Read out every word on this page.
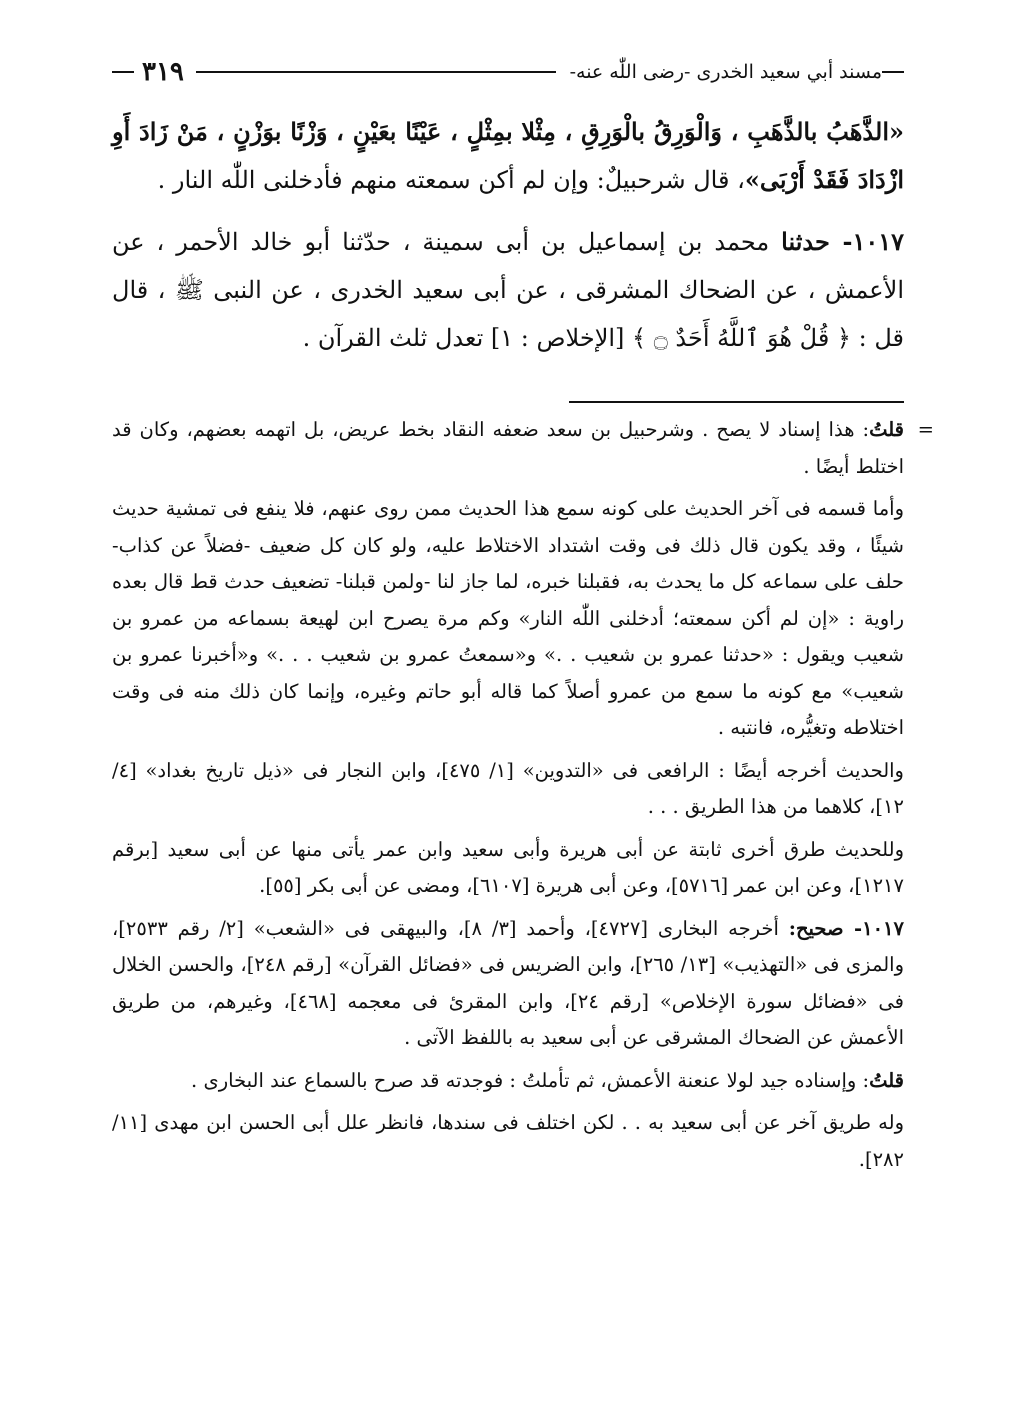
مسند أبي سعيد الخدرى -رضى اللّٰه عنه-
٣١٩

«الذَّهَبُ بالذَّهَبِ ، وَالْوَرِقُ بالْوَرِقِ ، مِثْلا بمِثْلٍ ، عَيْنًا بعَيْنٍ ، وَزْنًا بوَزْنٍ ، مَنْ زَادَ أَوِ ازْدَادَ فَقَدْ أَرْبَى»، قال شرحبيلٌ: وإن لم أكن سمعته منهم فأدخلنى اللّٰه النار .

١٠١٧- حدثنا محمد بن إسماعيل بن أبى سمينة ، حدّثنا أبو خالد الأحمر ، عن الأعمش ، عن الضحاك المشرقى ، عن أبى سعيد الخدرى ، عن النبى ﷺ ، قال قل : ﴿ قُلْ هُوَ ٱللَّهُ أَحَدٌ ۝ ﴾ [الإخلاص : ١] تعدل ثلث القرآن .

=
قلتُ: هذا إسناد لا يصح . وشرحبيل بن سعد ضعفه النقاد بخط عريض، بل اتهمه بعضهم، وكان قد اختلط أيضًا .

وأما قسمه فى آخر الحديث على كونه سمع هذا الحديث ممن روى عنهم، فلا ينفع فى تمشية حديث شيئًا ، وقد يكون قال ذلك فى وقت اشتداد الاختلاط عليه، ولو كان كل ضعيف -فضلاً عن كذاب- حلف على سماعه كل ما يحدث به، فقبلنا خبره، لما جاز لنا -ولمن قبلنا- تضعيف حدث قط قال بعده راوية : «إن لم أكن سمعته؛ أدخلنى اللّٰه النار» وكم مرة يصرح ابن لهيعة بسماعه من عمرو بن شعيب ويقول : «حدثنا عمرو بن شعيب . .» و«سمعتُ عمرو بن شعيب . . .» و«أخبرنا عمرو بن شعيب» مع كونه ما سمع من عمرو أصلاً كما قاله أبو حاتم وغيره، وإنما كان ذلك منه فى وقت اختلاطه وتغيُّره، فانتبه .

والحديث أخرجه أيضًا : الرافعى فى «التدوين» [١/ ٤٧٥]، وابن النجار فى «ذيل تاريخ بغداد» [٤/ ١٢]، كلاهما من هذا الطريق . . .

وللحديث طرق أخرى ثابتة عن أبى هريرة وأبى سعيد وابن عمر يأتى منها عن أبى سعيد [برقم ١٢١٧]، وعن ابن عمر [٥٧١٦]، وعن أبى هريرة [٦١٠٧]، ومضى عن أبى بكر [٥٥].

١٠١٧- صحيح: أخرجه البخارى [٤٧٢٧]، وأحمد [٣/ ٨]، والبيهقى فى «الشعب» [٢/ رقم ٢٥٣٣]، والمزى فى «التهذيب» [١٣/ ٢٦٥]، وابن الضريس فى «فضائل القرآن» [رقم ٢٤٨]، والحسن الخلال فى «فضائل سورة الإخلاص» [رقم ٢٤]، وابن المقرئ فى معجمه [٤٦٨]، وغيرهم، من طريق الأعمش عن الضحاك المشرقى عن أبى سعيد به باللفظ الآتى .

قلتُ: وإسناده جيد لولا عنعنة الأعمش، ثم تأملتُ : فوجدته قد صرح بالسماع عند البخارى .

وله طريق آخر عن أبى سعيد به . . لكن اختلف فى سندها، فانظر علل أبى الحسن ابن مهدى [١١/ ٢٨٢].
